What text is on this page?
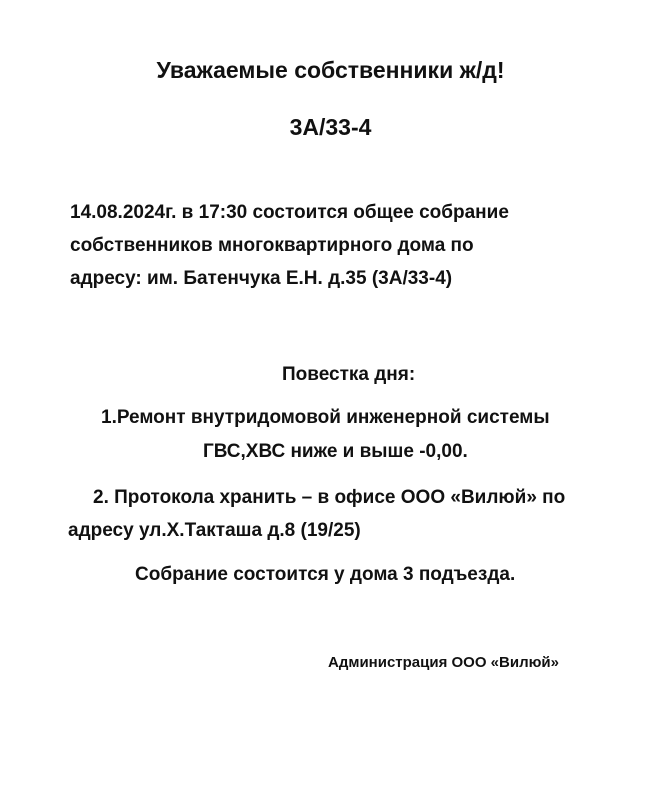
Уважаемые собственники ж/д!
3А/33-4
14.08.2024г. в 17:30 состоится общее собрание
собственников многоквартирного дома по
адресу: им. Батенчука Е.Н. д.35 (3А/33-4)
Повестка дня:
1.Ремонт внутридомовой инженерной системы
ГВС,ХВС ниже и выше -0,00.
2. Протокола хранить – в офисе ООО «Вилюй» по
адресу ул.Х.Такташа д.8 (19/25)
Собрание состоится у дома 3 подъезда.
Администрация ООО «Вилюй»
